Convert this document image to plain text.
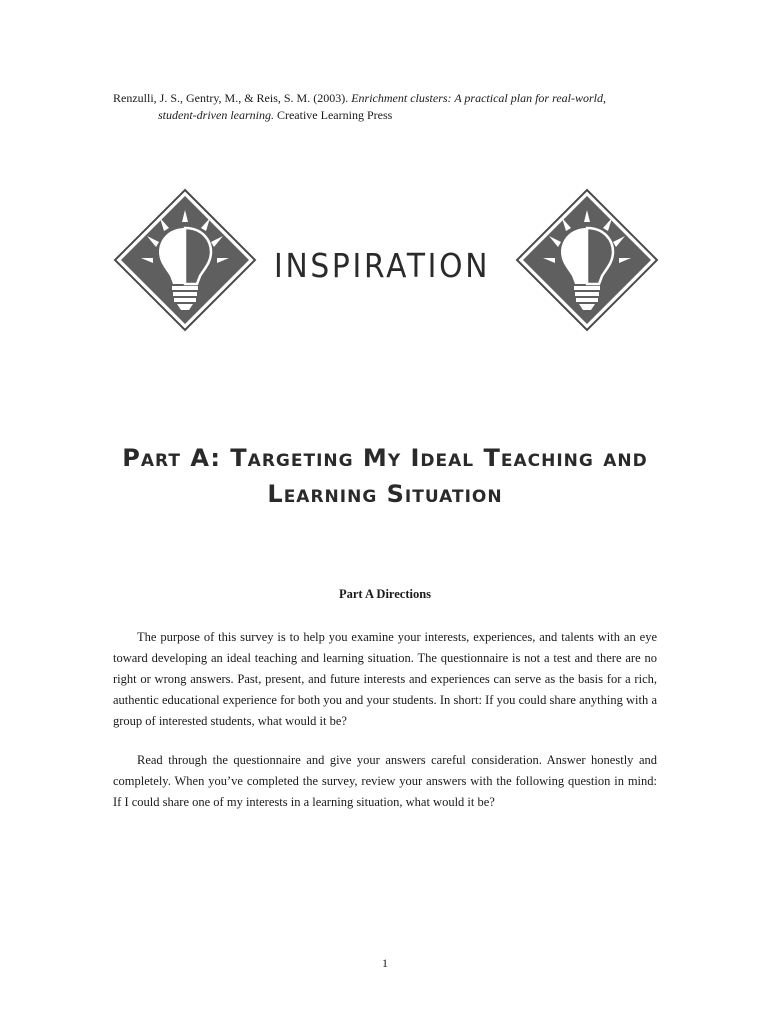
Renzulli, J. S., Gentry, M., & Reis, S. M. (2003). Enrichment clusters: A practical plan for real-world,
student-driven learning. Creative Learning Press
INSPIRATION
Part A: Targeting My Ideal Teaching and
Learning Situation
Part A Directions

The purpose of this survey is to help you examine your interests, experiences, and talents with an eye toward developing an ideal teaching and learning situation. The questionnaire is not a test and there are no right or wrong answers. Past, present, and future interests and experiences can serve as the basis for a rich, authentic educational experience for both you and your students. In short: If you could share anything with a group of interested students, what would it be?

Read through the questionnaire and give your answers careful consideration. Answer honestly and completely. When you’ve completed the survey, review your answers with the following question in mind: If I could share one of my interests in a learning situation, what would it be?

1
